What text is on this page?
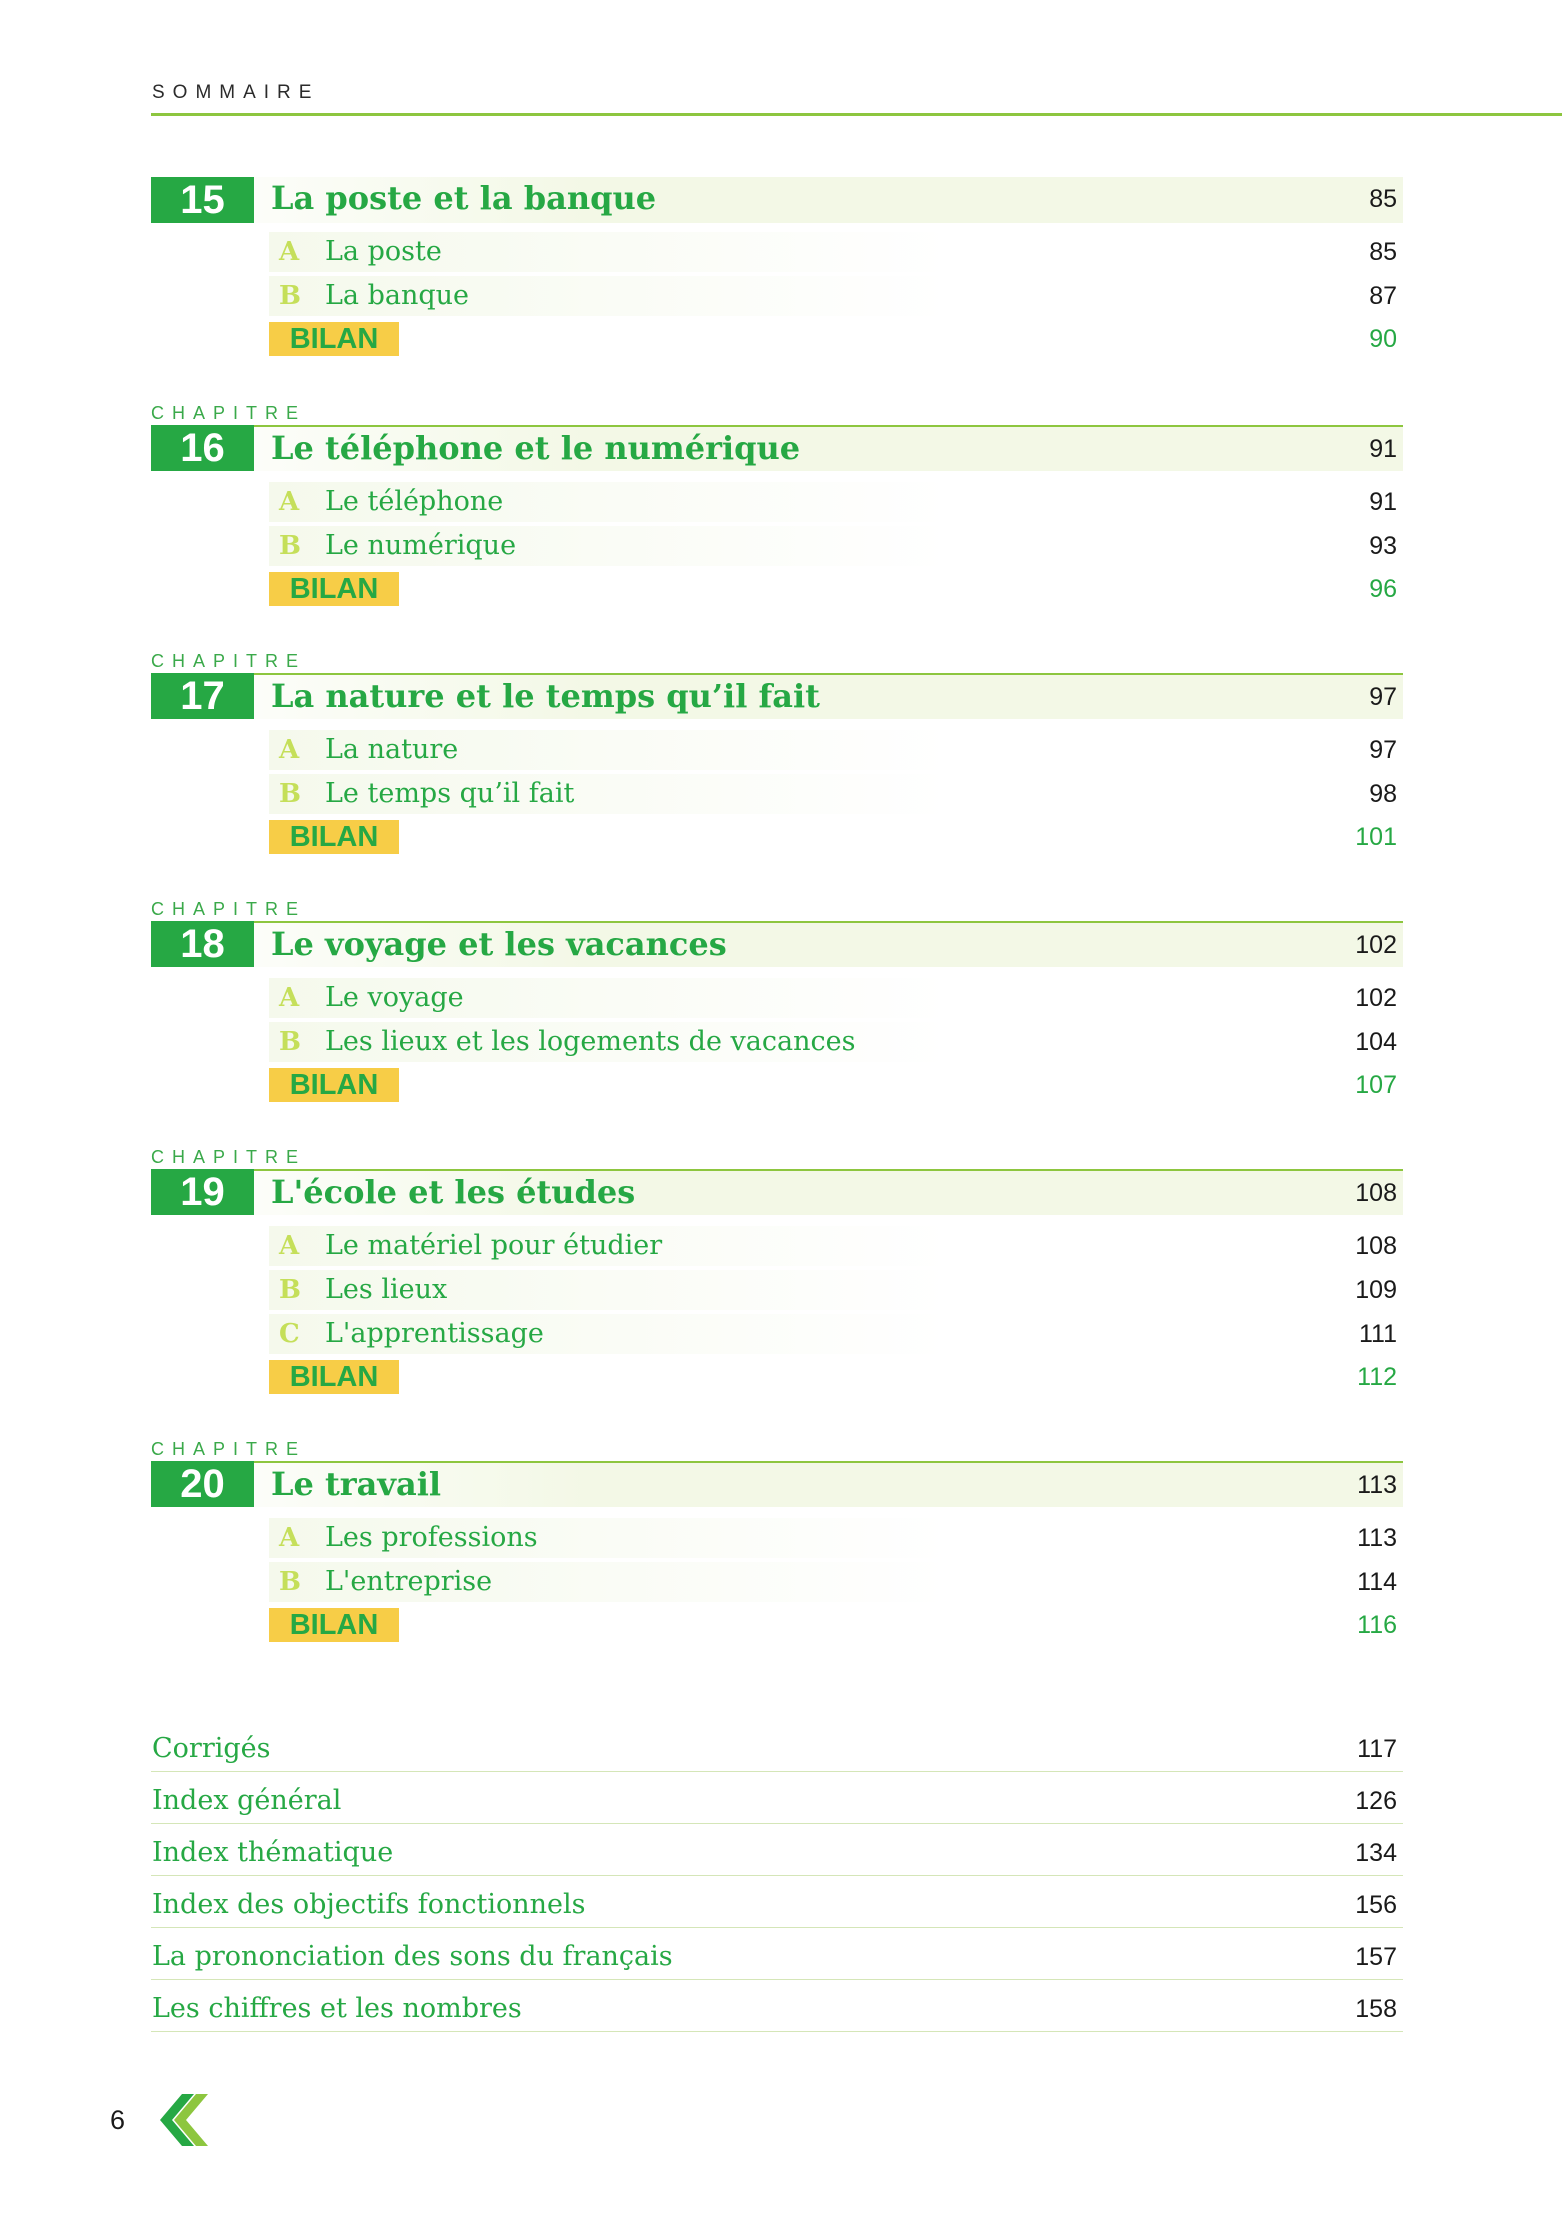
SOMMAIRE
15	La poste et la banque	85
A La poste	85
B La banque	87
BILAN	90
CHAPITRE
16	Le téléphone et le numérique	91
A Le téléphone	91
B Le numérique	93
BILAN	96
CHAPITRE
17	La nature et le temps qu’il fait	97
A La nature	97
B Le temps qu’il fait	98
BILAN	101
CHAPITRE
18	Le voyage et les vacances	102
A Le voyage	102
B Les lieux et les logements de vacances	104
BILAN	107
CHAPITRE
19	L'école et les études	108
A Le matériel pour étudier	108
B Les lieux	109
C L'apprentissage	111
BILAN	112
CHAPITRE
20	Le travail	113
A Les professions	113
B L'entreprise	114
BILAN	116
Corrigés	117
Index général	126
Index thématique	134
Index des objectifs fonctionnels	156
La prononciation des sons du français	157
Les chiffres et les nombres	158
6
